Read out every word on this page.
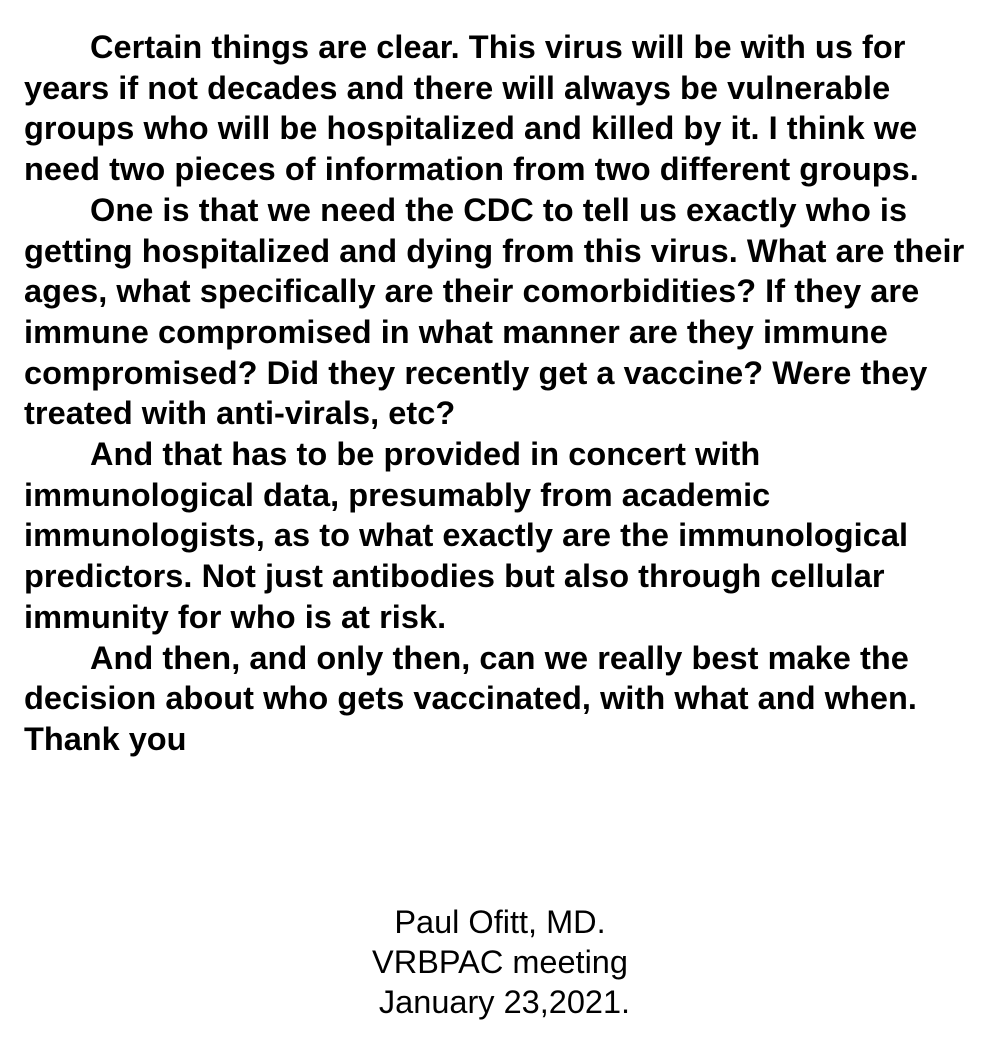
Certain things are clear. This virus will be with us for years if not decades and there will always be vulnerable groups who will be hospitalized and killed by it. I think we need two pieces of information from two different groups.

One is that we need the CDC to tell us exactly who is getting hospitalized and dying from this virus. What are their ages, what specifically are their comorbidities? If they are immune compromised in what manner are they immune compromised? Did they recently get a vaccine? Were they treated with anti-virals, etc?

And that has to be provided in concert with immunological data, presumably from academic immunologists, as to what exactly are the immunological predictors. Not just antibodies but also through cellular immunity for who is at risk.

And then, and only then, can we really best make the decision about who gets vaccinated, with what and when.

Thank you

Paul Ofitt, MD.
VRBPAC meeting
January 23,2021.
